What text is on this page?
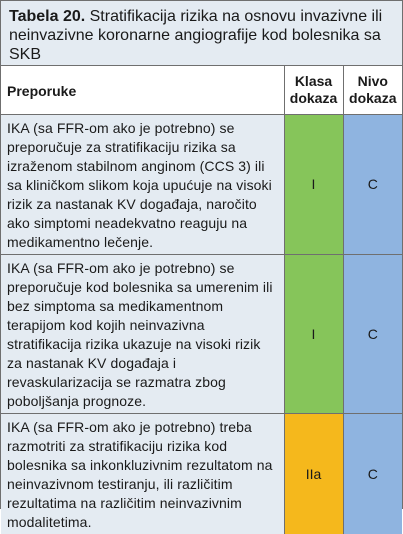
Tabela 20. Stratifikacija rizika na osnovu invazivne ili neinvazivne koronarne angiografije kod bolesnika sa SKB
Preporuke	Klasa dokaza	Nivo dokaza
IKA (sa FFR-om ako je potrebno) se preporučuje za stratifikaciju rizika sa izraženom stabilnom anginom (CCS 3) ili sa kliničkom slikom koja upućuje na visoki rizik za nastanak KV događaja, naročito ako simptomi neadekvatno reaguju na medikamentno lečenje.	I	C
IKA (sa FFR-om ako je potrebno) se preporučuje kod bolesnika sa umerenim ili bez simptoma sa medikamentnom terapijom kod kojih neinvazivna stratifikacija rizika ukazuje na visoki rizik za nastanak KV događaja i revaskularizacija se razmatra zbog poboljšanja prognoze.	I	C
IKA (sa FFR-om ako je potrebno) treba razmotriti za stratifikaciju rizika kod bolesnika sa inkonkluzivnim rezultatom na neinvazivnom testiranju, ili različitim rezultatima na različitim neinvazivnim modalitetima.	IIa	C
